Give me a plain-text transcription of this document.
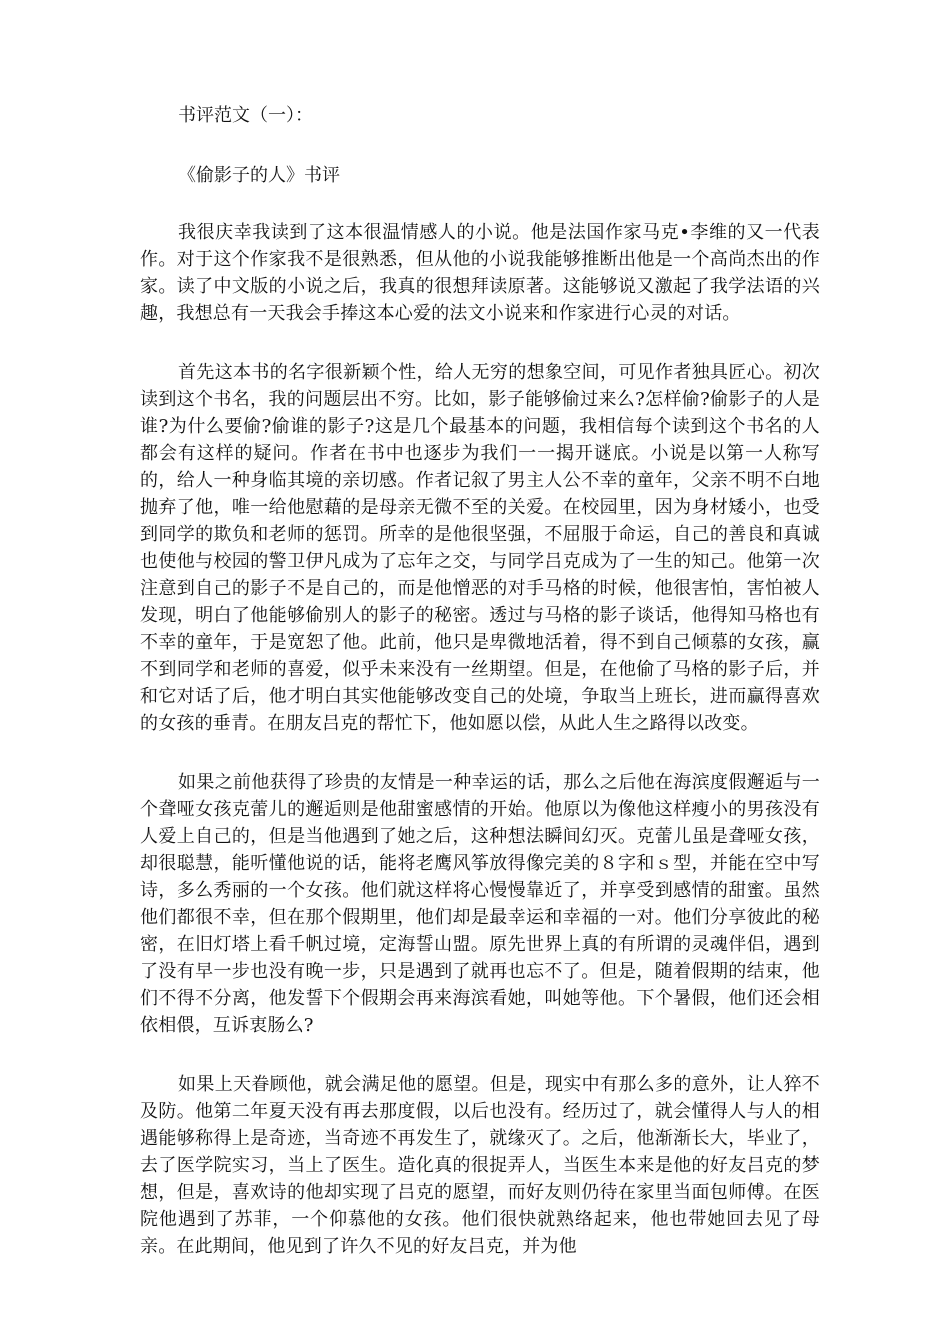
书评范文（一）：

《偷影子的人》书评

我很庆幸我读到了这本很温情感人的小说。他是法国作家马克•李维的又一代表作。对于这个作家我不是很熟悉，但从他的小说我能够推断出他是一个高尚杰出的作家。读了中文版的小说之后，我真的很想拜读原著。这能够说又激起了我学法语的兴趣，我想总有一天我会手捧这本心爱的法文小说来和作家进行心灵的对话。

首先这本书的名字很新颖个性，给人无穷的想象空间，可见作者独具匠心。初次读到这个书名，我的问题层出不穷。比如，影子能够偷过来么?怎样偷?偷影子的人是谁?为什么要偷?偷谁的影子?这是几个最基本的问题，我相信每个读到这个书名的人都会有这样的疑问。作者在书中也逐步为我们一一揭开谜底。小说是以第一人称写的，给人一种身临其境的亲切感。作者记叙了男主人公不幸的童年，父亲不明不白地抛弃了他，唯一给他慰藉的是母亲无微不至的关爱。在校园里，因为身材矮小，也受到同学的欺负和老师的惩罚。所幸的是他很坚强，不屈服于命运，自己的善良和真诚也使他与校园的警卫伊凡成为了忘年之交，与同学吕克成为了一生的知己。他第一次注意到自己的影子不是自己的，而是他憎恶的对手马格的时候，他很害怕，害怕被人发现，明白了他能够偷别人的影子的秘密。透过与马格的影子谈话，他得知马格也有不幸的童年，于是宽恕了他。此前，他只是卑微地活着，得不到自己倾慕的女孩，赢不到同学和老师的喜爱，似乎未来没有一丝期望。但是，在他偷了马格的影子后，并和它对话了后，他才明白其实他能够改变自己的处境，争取当上班长，进而赢得喜欢的女孩的垂青。在朋友吕克的帮忙下，他如愿以偿，从此人生之路得以改变。

如果之前他获得了珍贵的友情是一种幸运的话，那么之后他在海滨度假邂逅与一个聋哑女孩克蕾儿的邂逅则是他甜蜜感情的开始。他原以为像他这样瘦小的男孩没有人爱上自己的，但是当他遇到了她之后，这种想法瞬间幻灭。克蕾儿虽是聋哑女孩，却很聪慧，能听懂他说的话，能将老鹰风筝放得像完美的８字和ｓ型，并能在空中写诗，多么秀丽的一个女孩。他们就这样将心慢慢靠近了，并享受到感情的甜蜜。虽然他们都很不幸，但在那个假期里，他们却是最幸运和幸福的一对。他们分享彼此的秘密，在旧灯塔上看千帆过境，定海誓山盟。原先世界上真的有所谓的灵魂伴侣，遇到了没有早一步也没有晚一步，只是遇到了就再也忘不了。但是，随着假期的结束，他们不得不分离，他发誓下个假期会再来海滨看她，叫她等他。下个暑假，他们还会相依相偎，互诉衷肠么?

如果上天眷顾他，就会满足他的愿望。但是，现实中有那么多的意外，让人猝不及防。他第二年夏天没有再去那度假，以后也没有。经历过了，就会懂得人与人的相遇能够称得上是奇迹，当奇迹不再发生了，就缘灭了。之后，他渐渐长大，毕业了，去了医学院实习，当上了医生。造化真的很捉弄人，当医生本来是他的好友吕克的梦想，但是，喜欢诗的他却实现了吕克的愿望，而好友则仍待在家里当面包师傅。在医院他遇到了苏菲，一个仰慕他的女孩。他们很快就熟络起来，他也带她回去见了母亲。在此期间，他见到了许久不见的好友吕克，并为他
